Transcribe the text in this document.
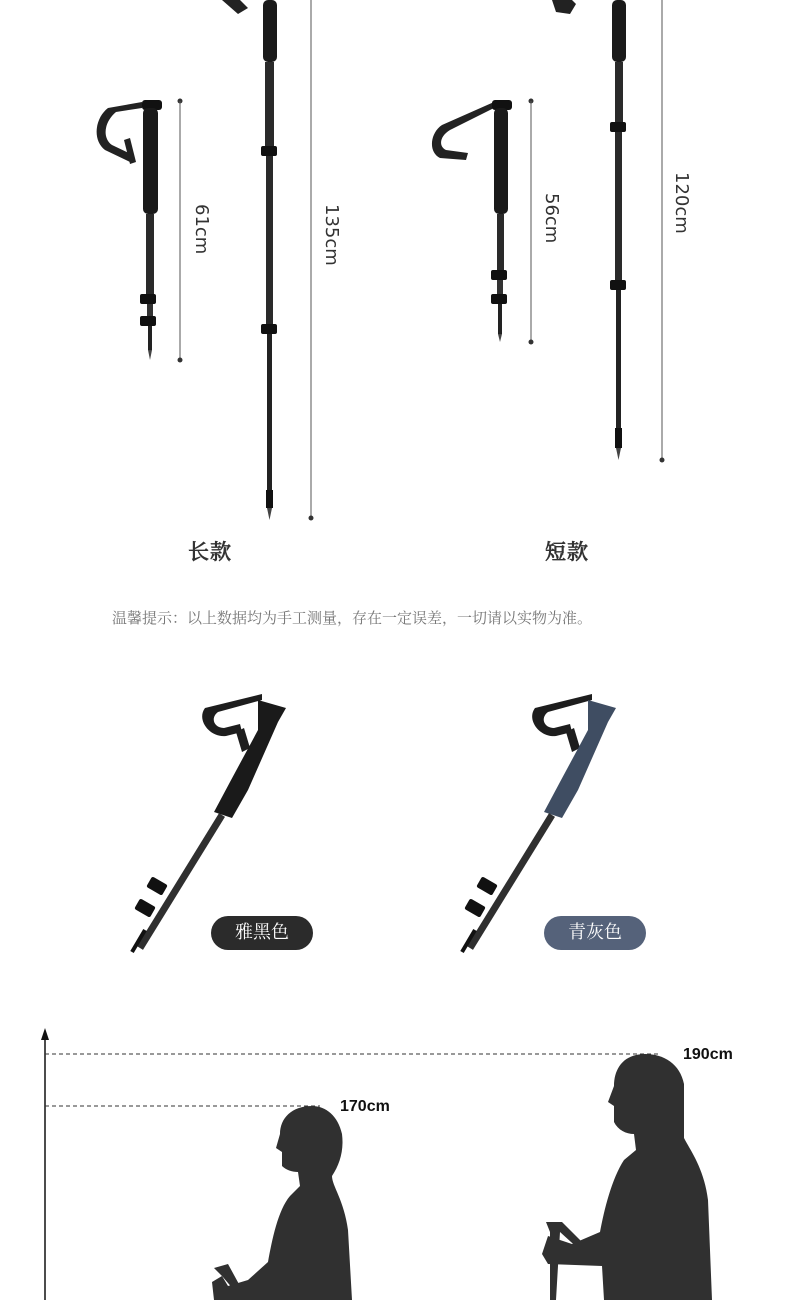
61cm	135cm	56cm	120cm
长款	短款
温馨提示：以上数据均为手工测量，存在一定误差，一切请以实物为准。
雅黑色	青灰色
190cm
170cm
